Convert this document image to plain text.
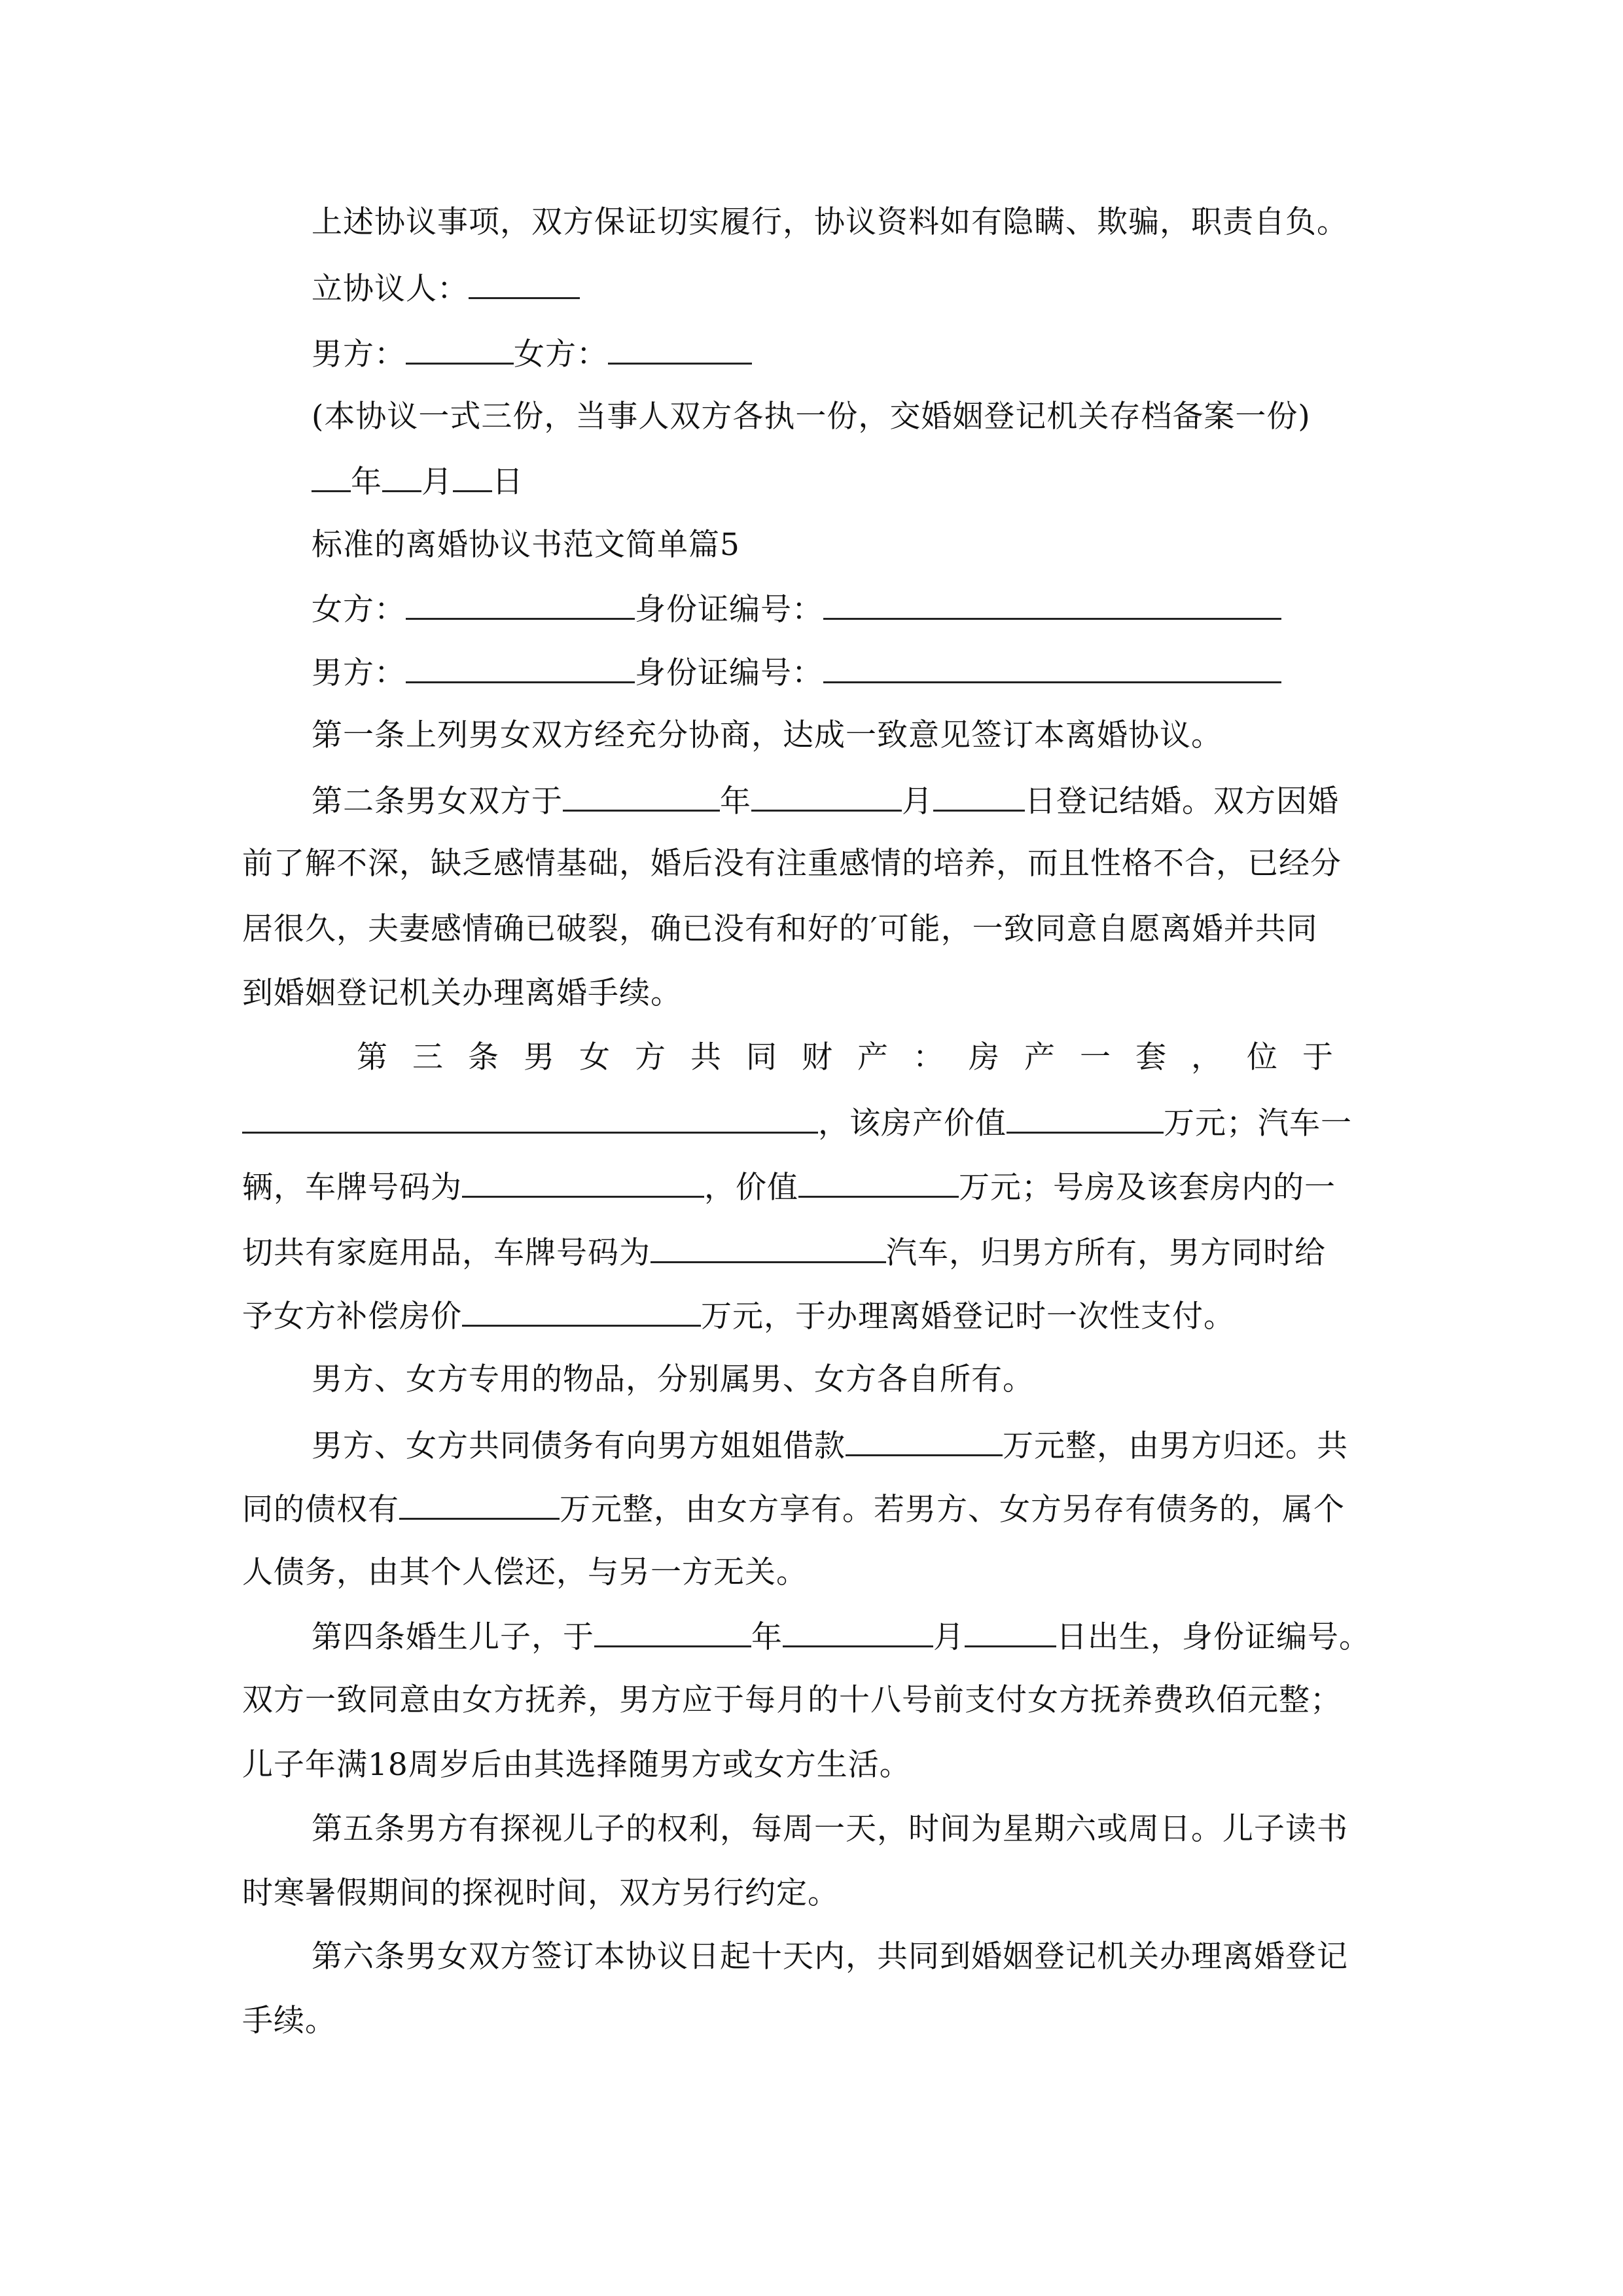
上述协议事项，双方保证切实履行，协议资料如有隐瞒、欺骗，职责自负。
立协议人：
男方：	女方：
(本协议一式三份，当事人双方各执一份，交婚姻登记机关存档备案一份)
年 月 日
标准的离婚协议书范文简单篇5
女方：	身份证编号：
男方：	身份证编号：
第一条上列男女双方经充分协商，达成一致意见签订本离婚协议。
第二条男女双方于	年	月	日登记结婚。双方因婚
前了解不深，缺乏感情基础，婚后没有注重感情的培养，而且性格不合，已经分
居很久，夫妻感情确已破裂，确已没有和好的′可能，一致同意自愿离婚并共同
到婚姻登记机关办理离婚手续。
第三条男女方共同财产：房产一套，位于
，该房产价值	万元；汽车一
辆，车牌号码为	，价值	万元；号房及该套房内的一
切共有家庭用品，车牌号码为	汽车，归男方所有，男方同时给
予女方补偿房价	万元，于办理离婚登记时一次性支付。
男方、女方专用的物品，分别属男、女方各自所有。
男方、女方共同债务有向男方姐姐借款	万元整，由男方归还。共
同的债权有	万元整，由女方享有。若男方、女方另存有债务的，属个
人债务，由其个人偿还，与另一方无关。
第四条婚生儿子，于	年	月	日出生，身份证编号。
双方一致同意由女方抚养，男方应于每月的十八号前支付女方抚养费玖佰元整；
儿子年满18周岁后由其选择随男方或女方生活。
第五条男方有探视儿子的权利，每周一天，时间为星期六或周日。儿子读书
时寒暑假期间的探视时间，双方另行约定。
第六条男女双方签订本协议日起十天内，共同到婚姻登记机关办理离婚登记
手续。
